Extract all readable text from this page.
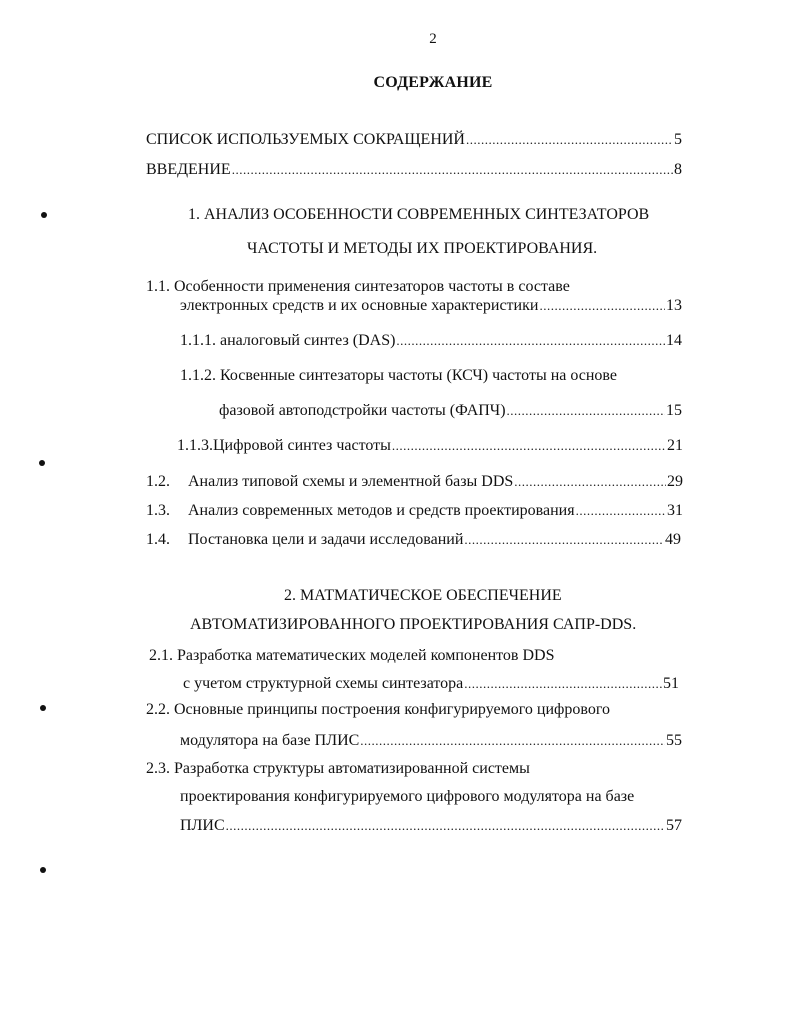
2
СОДЕРЖАНИЕ
СПИСОК ИСПОЛЬЗУЕМЫХ СОКРАЩЕНИЙ .....	5
ВВЕДЕНИЕ .....	8
1. АНАЛИЗ ОСОБЕННОСТИ СОВРЕМЕННЫХ СИНТЕЗАТОРОВ
ЧАСТОТЫ И МЕТОДЫ ИХ ПРОЕКТИРОВАНИЯ.
1.1. Особенности применения синтезаторов частоты в составе
электронных средств и их основные характеристики .....	13
1.1.1. аналоговый синтез (DAS) .....	14
1.1.2. Косвенные синтезаторы частоты (КСЧ) частоты на основе
фазовой автоподстройки частоты (ФАПЧ) .....	15
1.1.3.Цифровой синтез частоты .....	21
1.2.	Анализ типовой схемы и элементной базы DDS .....	29
1.3.	Анализ современных методов и средств проектирования .....	31
1.4.	Постановка цели и задачи исследований .....	49
2. МАТМАТИЧЕСКОЕ ОБЕСПЕЧЕНИЕ
АВТОМАТИЗИРОВАННОГО ПРОЕКТИРОВАНИЯ САПР-DDS.
2.1. Разработка математических моделей компонентов DDS
с учетом структурной схемы синтезатора .....	51
2.2. Основные принципы построения конфигурируемого цифрового
модулятора на базе ПЛИС .....	55
2.3. Разработка структуры автоматизированной системы
проектирования конфигурируемого цифрового модулятора на базе
ПЛИС .....	57
